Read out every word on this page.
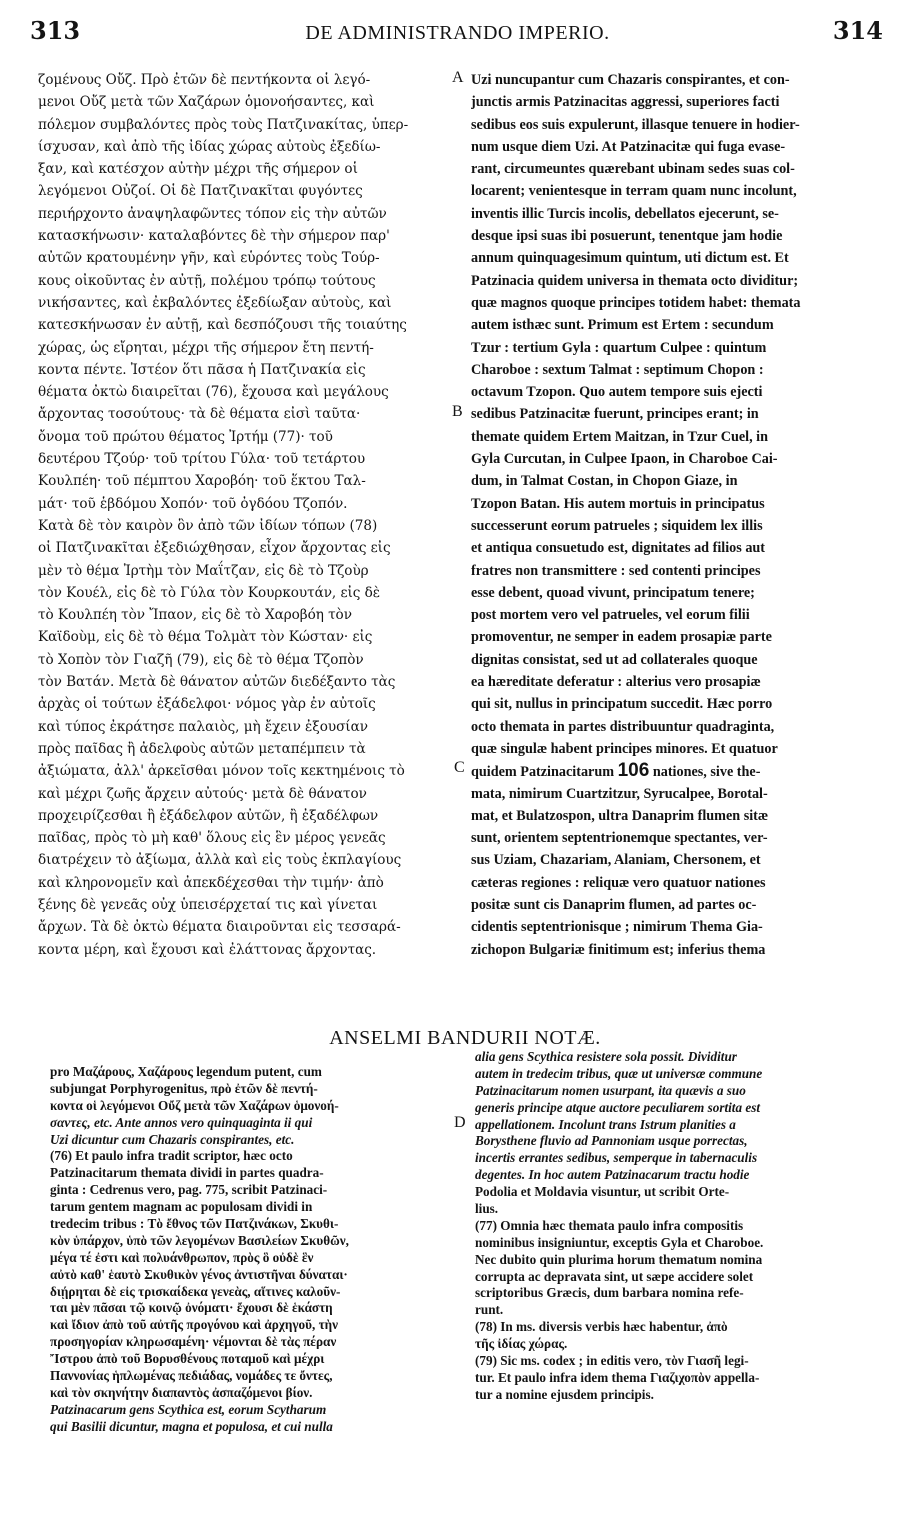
313	DE ADMINISTRANDO IMPERIO.	314
ζομένους Οὔζ. Πρὸ ἐτῶν δὲ πεντήκοντα οἱ λεγό-
μενοι Οὔζ μετὰ τῶν Χαζάρων ὁμονοήσαντες, καὶ
πόλεμον συμβαλόντες πρὸς τοὺς Πατζινακίτας, ὑπερ-
ίσχυσαν, καὶ ἀπὸ τῆς ἰδίας χώρας αὐτοὺς ἐξεδίω-
ξαν, καὶ κατέσχον αὐτὴν μέχρι τῆς σήμερον οἱ
λεγόμενοι Οὐζοί. Οἱ δὲ Πατζινακῖται φυγόντες
περιήρχοντο ἀναψηλαφῶντες τόπον εἰς τὴν αὐτῶν
κατασκήνωσιν· καταλαβόντες δὲ τὴν σήμερον παρ'
αὐτῶν κρατουμένην γῆν, καὶ εὑρόντες τοὺς Τούρ-
κους οἰκοῦντας ἐν αὐτῇ, πολέμου τρόπῳ τούτους
νικήσαντες, καὶ ἐκβαλόντες ἐξεδίωξαν αὐτοὺς, καὶ
κατεσκήνωσαν ἐν αὐτῇ, καὶ δεσπόζουσι τῆς τοιαύτης
χώρας, ὡς εἴρηται, μέχρι τῆς σήμερον ἔτη πεντή-
κοντα πέντε. Ἰστέον ὅτι πᾶσα ἡ Πατζινακία εἰς
θέματα ὀκτὼ διαιρεῖται (76), ἔχουσα καὶ μεγάλους
ἄρχοντας τοσούτους· τὰ δὲ θέματα εἰσὶ ταῦτα·
ὄνομα τοῦ πρώτου θέματος Ἰρτήμ (77)· τοῦ
δευτέρου Τζούρ· τοῦ τρίτου Γύλα· τοῦ τετάρτου
Κουλπέη· τοῦ πέμπτου Χαροβόη· τοῦ ἕκτου Ταλ-
μάτ· τοῦ ἑβδόμου Χοπόν· τοῦ ὀγδόου Τζοπόν.
Κατὰ δὲ τὸν καιρὸν ὃν ἀπὸ τῶν ἰδίων τόπων (78)
οἱ Πατζινακῖται ἐξεδιώχθησαν, εἶχον ἄρχοντας εἰς
μὲν τὸ θέμα Ἰρτὴμ τὸν Μαΐτζαν, εἰς δὲ τὸ Τζοὺρ
τὸν Κουέλ, εἰς δὲ τὸ Γύλα τὸν Κουρκουτάν, εἰς δὲ
τὸ Κουλπέη τὸν Ἴπαον, εἰς δὲ τὸ Χαροβόη τὸν
Καϊδοὺμ, εἰς δὲ τὸ θέμα Τολμὰτ τὸν Κώσταν· εἰς
τὸ Χοπὸν τὸν Γιαζῆ (79), εἰς δὲ τὸ θέμα Τζοπὸν
τὸν Βατάν. Μετὰ δὲ θάνατον αὐτῶν διεδέξαντο τὰς
ἀρχὰς οἱ τούτων ἐξάδελφοι· νόμος γὰρ ἐν αὐτοῖς
καὶ τύπος ἐκράτησε παλαιὸς, μὴ ἔχειν ἐξουσίαν
πρὸς παῖδας ἢ ἀδελφοὺς αὐτῶν μεταπέμπειν τὰ
ἀξιώματα, ἀλλ' ἀρκεῖσθαι μόνον τοῖς κεκτημένοις τὸ
καὶ μέχρι ζωῆς ἄρχειν αὐτούς· μετὰ δὲ θάνατον
προχειρίζεσθαι ἢ ἐξάδελφον αὐτῶν, ἢ ἐξαδέλφων
παῖδας, πρὸς τὸ μὴ καθ' ὅλους εἰς ἓν μέρος γενεᾶς
διατρέχειν τὸ ἀξίωμα, ἀλλὰ καὶ εἰς τοὺς ἐκπλαγίους
καὶ κληρονομεῖν καὶ ἀπεκδέχεσθαι τὴν τιμήν· ἀπὸ
ξένης δὲ γενεᾶς οὐχ ὑπεισέρχεταί τις καὶ γίνεται
ἄρχων. Τὰ δὲ ὀκτὼ θέματα διαιροῦνται εἰς τεσσαρά-
κοντα μέρη, καὶ ἔχουσι καὶ ἐλάττονας ἄρχοντας.
Uzi nuncupantur cum Chazaris conspirantes, et con-
junctis armis Patzinacitas aggressi, superiores facti
sedibus eos suis expulerunt, illasque tenuere in hodier-
num usque diem Uzi. At Patzinacitæ qui fuga evase-
rant, circumeuntes quærebant ubinam sedes suas col-
locarent; venientesque in terram quam nunc incolunt,
inventis illic Turcis incolis, debellatos ejecerunt, se-
desque ipsi suas ibi posuerunt, tenentque jam hodie
annum quinquagesimum quintum, uti dictum est. Et
Patzinacia quidem universa in themata octo dividitur;
quæ magnos quoque principes totidem habet: themata
autem isthæc sunt. Primum est Ertem : secundum
Tzur : tertium Gyla : quartum Culpee : quintum
Charoboe : sextum Talmat : septimum Chopon :
octavum Tzopon. Quo autem tempore suis ejecti
sedibus Patzinacitæ fuerunt, principes erant; in
themate quidem Ertem Maitzan, in Tzur Cuel, in
Gyla Curcutan, in Culpee Ipaon, in Charoboe Cai-
dum, in Talmat Costan, in Chopon Giaze, in
Tzopon Batan. His autem mortuis in principatus
successerunt eorum patrueles ; siquidem lex illis
et antiqua consuetudo est, dignitates ad filios aut
fratres non transmittere : sed contenti principes
esse debent, quoad vivunt, principatum tenere;
post mortem vero vel patrueles, vel eorum filii
promoventur, ne semper in eadem prosapiæ parte
dignitas consistat, sed ut ad collaterales quoque
ea hæreditate deferatur : alterius vero prosapiæ
qui sit, nullus in principatum succedit. Hæc porro
octo themata in partes distribuuntur quadraginta,
quæ singulæ habent principes minores. Et quatuor
quidem Patzinacitarum 106 nationes, sive the-
mata, nimirum Cuartzitzur, Syrucalpee, Borotal-
mat, et Bulatzospon, ultra Danaprim flumen sitæ
sunt, orientem septentrionemque spectantes, ver-
sus Uziam, Chazariam, Alaniam, Chersonem, et
cæteras regiones : reliquæ vero quatuor nationes
positæ sunt cis Danaprim flumen, ad partes oc-
cidentis septentrionisque ; nimirum Thema Gia-
zichopon Bulgariæ finitimum est; inferius thema
A
B
C
D
ANSELMI BANDURII NOTÆ.
pro Μαζάρους, Χαζάρους legendum putent, cum
subjungat Porphyrogenitus, πρὸ ἐτῶν δὲ πεντή-
κοντα οἱ λεγόμενοι Οὔζ μετὰ τῶν Χαζάρων ὁμονοή-
σαντες, etc. Ante annos vero quinquaginta ii qui
Uzi dicuntur cum Chazaris conspirantes, etc.
(76) Et paulo infra tradit scriptor, hæc octo
Patzinacitarum themata dividi in partes quadra-
ginta : Cedrenus vero, pag. 775, scribit Patzinaci-
tarum gentem magnam ac populosam dividi in
tredecim tribus : Τὸ ἔθνος τῶν Πατζινάκων, Σκυθι-
κὸν ὑπάρχον, ὑπὸ τῶν λεγομένων Βασιλείων Σκυθῶν,
μέγα τέ ἐστι καὶ πολυάνθρωπον, πρὸς ὃ οὐδὲ ἓν
αὐτὸ καθ' ἑαυτὸ Σκυθικὸν γένος ἀντιστῆναι δύναται·
διῄρηται δὲ εἰς τρισκαίδεκα γενεὰς, αἵτινες καλοῦν-
ται μὲν πᾶσαι τῷ κοινῷ ὀνόματι· ἔχουσι δὲ ἑκάστη
καὶ ἴδιον ἀπὸ τοῦ αὐτῆς προγόνου καὶ ἀρχηγοῦ, τὴν
προσηγορίαν κληρωσαμένη· νέμονται δὲ τὰς πέραν
Ἴστρου ἀπὸ τοῦ Βορυσθένους ποταμοῦ καὶ μέχρι
Παννονίας ἡπλωμένας πεδιάδας, νομάδες τε ὄντες,
καὶ τὸν σκηνήτην διαπαντὸς ἀσπαζόμενοι βίον.
Patzinacarum gens Scythica est, eorum Scytharum
qui Basilii dicuntur, magna et populosa, et cui nulla
alia gens Scythica resistere sola possit. Dividitur
autem in tredecim tribus, quæ ut universæ commune
Patzinacitarum nomen usurpant, ita quævis a suo
generis principe atque auctore peculiarem sortita est
appellationem. Incolunt trans Istrum planities a
Borysthene fluvio ad Pannoniam usque porrectas,
incertis errantes sedibus, semperque in tabernaculis
degentes. In hoc autem Patzinacarum tractu hodie
Podolia et Moldavia visuntur, ut scribit Orte-
lius.
(77) Omnia hæc themata paulo infra compositis
nominibus insigniuntur, exceptis Gyla et Charoboe.
Nec dubito quin plurima horum thematum nomina
corrupta ac depravata sint, ut sæpe accidere solet
scriptoribus Græcis, dum barbara nomina refe-
runt.
(78) In ms. diversis verbis hæc habentur, ἀπὸ
τῆς ἰδίας χώρας.
(79) Sic ms. codex ; in editis vero, τὸν Γιασῆ legi-
tur. Et paulo infra idem thema Γιαζιχοπὸν appella-
tur a nomine ejusdem principis.
